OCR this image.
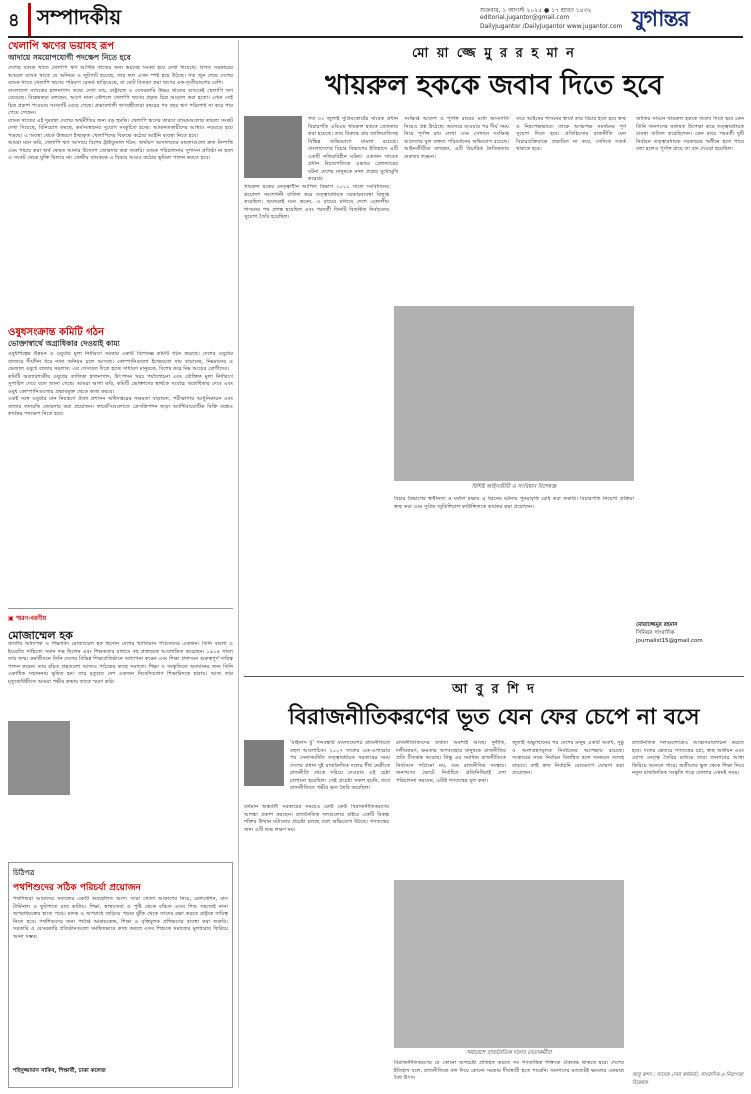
৪ সম্পাদকীয়	শুক্রবার, ১ আগস্ট ২০২৫ ● ১৭ শ্রাবণ ১৪৩২
editorial.jugantor@gmail.com
DailyJugantor /DailyJugantor www.jugantor.com যুগান্তর
খেলাপি ঋণের ভয়াবহ রূপ
আদায়ে সময়োপযোগী পদক্ষেপ নিতে হবে

দেশের ব্যাংক খাতে খেলাপি ঋণ আর্থিক খাতের জন্য ভয়াবহ সংকট হয়ে দেখা দিয়েছে। বিগত সরকারের আমলে ব্যাংক খাতে যে অনিয়ম ও লুটপাট হয়েছে, তার ফল এখন স্পষ্ট হয়ে উঠছে। গত জুন শেষে দেশের ব্যাংক খাতে খেলাপি ঋণের পরিমাণ রেকর্ড ছাড়িয়েছে, যা মোট বিতরণ করা ঋণের এক-তৃতীয়াংশের বেশি।

বাংলাদেশ ব্যাংকের হালনাগাদ তথ্যে দেখা যায়, রাষ্ট্রায়ত্ত ও বেসরকারি উভয় খাতের ব্যাংকেই খেলাপি ঋণ বেড়েছে। বিশ্লেষকরা বলছেন, আগে নানা কৌশলে খেলাপি ঋণের প্রকৃত চিত্র আড়াল করা হতো। এখন সেই চিত্র প্রকাশ পাওয়ায় সংখ্যাটি বেড়ে গেছে। প্রভাবশালী ঋণগ্রহীতারা বছরের পর বছর ঋণ পরিশোধ না করে পার পেয়ে গেছেন।

ব্যাংক খাতের এই দুরবস্থা দেশের অর্থনীতির জন্য বড় হুমকি। খেলাপি ঋণের কারণে ব্যাংকগুলোর তারল্য সংকট দেখা দিয়েছে, বিনিয়োগ কমছে, কর্মসংস্থানের সুযোগ সংকুচিত হচ্ছে। আমানতকারীদের আস্থাও নড়বড়ে হয়ে পড়ছে। এ অবস্থা থেকে উত্তরণে ইচ্ছাকৃত খেলাপিদের বিরুদ্ধে কঠোর আইনি ব্যবস্থা নিতে হবে।

আমরা মনে করি, খেলাপি ঋণ আদায়ে বিশেষ ট্রাইব্যুনাল গঠন, অর্থঋণ আদালতের মামলাগুলো দ্রুত নিষ্পত্তি এবং পাচার করা অর্থ ফেরত আনার উদ্যোগ জোরদার করা জরুরি। ব্যাংক পরিচালনায় সুশাসন প্রতিষ্ঠা না হলে এ সংকট থেকে মুক্তি মিলবে না। কেন্দ্রীয় ব্যাংককে এ বিষয়ে আরও কঠোর ভূমিকা পালন করতে হবে।

ওষুধসংক্রান্ত কমিটি গঠন
ভোক্তাস্বার্থে অগ্রাধিকার দেওয়াই কাম্য

ওষুধশিল্পের উন্নয়ন ও ওষুধের মূল্য নির্ধারণে সরকার একটি বিশেষজ্ঞ কমিটি গঠন করেছে। দেশের ওষুধের বাজারে দীর্ঘদিন ধরে নানা অনিয়ম চলে আসছে। কোম্পানিগুলো ইচ্ছেমতো দাম বাড়াচ্ছে, নিম্নমানের ও ভেজাল ওষুধে বাজার সয়লাব। এর খেসারত দিতে হচ্ছে সাধারণ মানুষকে, বিশেষ করে নিম্ন আয়ের রোগীদের।

কমিটি অত্যাবশ্যকীয় ওষুধের তালিকা হালনাগাদ, উৎপাদন খরচ পর্যালোচনা এবং যৌক্তিক মূল্য নির্ধারণে সুপারিশ দেবে বলে জানা গেছে। আমরা আশা করি, কমিটি ভোক্তাদের স্বার্থকে সর্বোচ্চ অগ্রাধিকার দেবে এবং ওষুধ কোম্পানিগুলোর প্রভাবমুক্ত থেকে কাজ করবে।

একই সঙ্গে ওষুধের মান নিয়ন্ত্রণে ঔষধ প্রশাসন অধিদপ্তরের সক্ষমতা বাড়ানো, পরীক্ষাগার আধুনিকায়ন এবং বাজার তদারকি জোরদার করা প্রয়োজন। ফার্মেসিগুলোতে প্রেসক্রিপশন ছাড়া অ্যান্টিবায়োটিক বিক্রি বন্ধেও কার্যকর পদক্ষেপ নিতে হবে।

▣ স্মরণ-বরণীয়
মোজাম্মেল হক
জাতীয় অধ্যাপক ও শিক্ষাবিদ মোজাম্মেল হক ছিলেন দেশের খ্যাতিমান পণ্ডিতদের একজন। তিনি বাংলা ও ইংরেজি সাহিত্যে সমান দক্ষ ছিলেন এবং শিক্ষকতার মাধ্যমে বহু প্রজন্মকে আলোকিত করেছেন। ১৯০৪ সালে তার জন্ম। কর্মজীবনে তিনি দেশের বিভিন্ন শিক্ষাপ্রতিষ্ঠানে অধ্যাপনা করেন এবং শিক্ষা প্রশাসনে গুরুত্বপূর্ণ দায়িত্ব পালন করেন। তার রচিত গ্রন্থগুলো আজও পাঠকের কাছে সমাদৃত। শিক্ষা ও সংস্কৃতিতে অবদানের জন্য তিনি একাধিক সম্মাননায় ভূষিত হন। তার মৃত্যুতে দেশ একজন নিবেদিতপ্রাণ শিক্ষাবিদকে হারায়। আজ তার মৃত্যুবার্ষিকীতে আমরা গভীর শ্রদ্ধায় তাকে স্মরণ করি।
চিঠিপত্র
পথশিশুদের সঠিক পরিচর্যা প্রয়োজন
পথশিশুরা আমাদের সমাজের একটি অবহেলিত অংশ। তারা খোলা আকাশের নিচে, রেলস্টেশন, বাস টার্মিনাল ও ফুটপাতে রাত কাটায়। শিক্ষা, স্বাস্থ্যসেবা ও পুষ্টি থেকে বঞ্চিত এসব শিশু সহজেই নানা অপরাধচক্রের হাতে পড়ে। মাদক ও অপরাধে জড়িয়ে পড়ার ঝুঁকি থেকে তাদের রক্ষা করতে রাষ্ট্রকে দায়িত্ব নিতে হবে। পথশিশুদের জন্য পর্যাপ্ত আশ্রয়কেন্দ্র, শিক্ষা ও বৃত্তিমূলক প্রশিক্ষণের ব্যবস্থা করা জরুরি। সরকারি ও বেসরকারি প্রতিষ্ঠানগুলো সমন্বিতভাবে কাজ করলে এসব শিশুকে সমাজের মূলধারায় ফিরিয়ে আনা সম্ভব।
শহিদুজ্জামান সাকিব, শিক্ষার্থী, ঢাকা কলেজ
মো য়া জ্জে মু র র হ মা ন
খায়রুল হককে জবাব দিতে হবে
বিশিষ্ট আইনজীবী ও সংবিধান বিশেষজ্ঞ
গত ৩০ জুলাই সুপ্রিমকোর্টের সাবেক প্রধান বিচারপতি এবিএম খায়রুল হককে গ্রেফতার করা হয়েছে। তার বিরুদ্ধে রায় জালিয়াতিসহ বিভিন্ন অভিযোগে মামলা রয়েছে। বাংলাদেশের বিচার বিভাগের ইতিহাসে এটি একটি নজিরবিহীন ঘটনা। একজন সাবেক প্রধান বিচারপতিকে এভাবে গ্রেফতারের ঘটনা দেশের মানুষকে নানা প্রশ্নের মুখোমুখি করেছে।
খায়রুল হকের নেতৃত্বাধীন আপিল বিভাগ ২০১১ সালে সংবিধানের ত্রয়োদশ সংশোধনী বাতিল করে তত্ত্বাবধায়ক সরকারব্যবস্থা বিলুপ্ত করেছিল। অনেকেই মনে করেন, এ রায়ের মাধ্যমে দেশে একদলীয় শাসনের পথ প্রশস্ত হয়েছিল এবং পরবর্তী তিনটি বিতর্কিত নির্বাচনের সুযোগ তৈরি হয়েছিল।
সংক্ষিপ্ত আদেশ ও পূর্ণাঙ্গ রায়ের মধ্যে অসংগতি নিয়েও প্রশ্ন উঠেছে। অবসরে যাওয়ার পর দীর্ঘ সময় নিয়ে পূর্ণাঙ্গ রায় লেখা এবং সেখানে সংক্ষিপ্ত আদেশের মূল বক্তব্য পরিবর্তনের অভিযোগ রয়েছে। আইনজীবীরা বলছেন, এটি বিচারিক নৈতিকতার গুরুতর লঙ্ঘন।
তবে আইনের শাসনের স্বার্থে তার বিচার হতে হবে স্বচ্ছ ও নিরপেক্ষভাবে। তাকে আত্মপক্ষ সমর্থনের পূর্ণ সুযোগ দিতে হবে। প্রতিহিংসার রাজনীতি যেন বিচারপ্রক্রিয়াকে প্রভাবিত না করে, সেদিকে সতর্ক থাকতে হবে।
জাতির সামনে খায়রুল হককে জবাব দিতে হবে কেন তিনি জনগণের মতামত উপেক্ষা করে তত্ত্বাবধায়ক ব্যবস্থা বাতিল করেছিলেন। কেন রায়ে পরবর্তী দুটি নির্বাচন তত্ত্বাবধায়ক সরকারের অধীনে হতে পারে বলা হলেও পূর্ণাঙ্গ রায়ে তা বাদ দেওয়া হয়েছিল।
বিচার বিভাগের স্বাধীনতা ও মর্যাদা রক্ষায় এ ধরনের ঘটনার পুনরাবৃত্তি রোধ করা জরুরি। বিচারপতি নিয়োগ প্রক্রিয়া স্বচ্ছ করা এবং সুপ্রিম জুডিশিয়াল কাউন্সিলকে কার্যকর করা প্রয়োজন।
মোয়াজ্জেমুর রহমান
সিনিয়র সাংবাদিক
journalist15@gmail.com
আ বু র শি দ
বিরাজনীতিকরণের ভূত যেন ফের চেপে না বসে
সমাবেশে রাজনৈতিক দলের নেতাকর্মীরা
‘মাইনাস টু’ শব্দবন্ধটি বাংলাদেশের রাজনীতিতে বহুল আলোচিত। ২০০৭ সালের এক-এগারোর পর সেনাসমর্থিত তত্ত্বাবধায়ক সরকারের সময় দেশের প্রধান দুই রাজনৈতিক দলের শীর্ষ নেত্রীকে রাজনীতি থেকে সরিয়ে দেওয়ার এই চেষ্টা চালানো হয়েছিল। সেই প্রচেষ্টা সফল হয়নি, তবে রাজনীতিতে গভীর ক্ষত তৈরি করেছিল।
বর্তমান অন্তর্বর্তী সরকারের সময়েও কেউ কেউ বিরাজনীতিকরণের আশঙ্কা প্রকাশ করছেন। রাজনৈতিক দলগুলোর বাইরে একটি বিকল্প শক্তির উত্থান ঘটানোর প্রচেষ্টা চলছে বলে অভিযোগ উঠছে। গণতন্ত্রের জন্য এটি শুভ লক্ষণ নয়।
রাজনীতিবিদদের ব্যর্থতা অবশ্যই আছে। দুর্নীতি, দলীয়করণ, ক্ষমতার অপব্যবহার মানুষকে রাজনীতির প্রতি বীতশ্রদ্ধ করেছে। কিন্তু এর সমাধান রাজনীতিকে নির্বাসনে পাঠানো নয়, বরং রাজনীতির সংস্কার। জনগণের ভোটে নির্বাচিত প্রতিনিধিরাই দেশ পরিচালনা করবেন, এটাই গণতন্ত্রের মূল কথা।
জুলাই অভ্যুত্থানের পর দেশের মানুষ একটি অবাধ, সুষ্ঠু ও অংশগ্রহণমূলক নির্বাচনের অপেক্ষায় রয়েছে। সংস্কারের নামে নির্বাচন বিলম্বিত হলে জনমনে সন্দেহ বাড়বে। তাই দ্রুত নির্বাচনি রোডম্যাপ ঘোষণা করা প্রয়োজন।
রাজনৈতিক দলগুলোকেও আত্মসমালোচনা করতে হবে। দলের ভেতরে গণতন্ত্রের চর্চা, স্বচ্ছ অর্থায়ন এবং যোগ্য নেতৃত্ব তৈরির মাধ্যমে তারা জনগণের আস্থা ফিরিয়ে আনতে পারে। অতীতের ভুল থেকে শিক্ষা নিয়ে নতুন রাজনৈতিক সংস্কৃতি গড়ে তোলার এখনই সময়।
বিরাজনীতিকরণের যে কোনো অপচেষ্টা প্রতিহত করতে সব গণতান্ত্রিক শক্তিকে ঐক্যবদ্ধ থাকতে হবে। দেশের ইতিহাস বলে, রাজনীতিকে বাদ দিয়ে কোনো সরকার দীর্ঘস্থায়ী হতে পারেনি। জনগণের ম্যান্ডেটই ক্ষমতার একমাত্র বৈধ উৎস।	আবু রুশদ : সাবেক সেনা কর্মকর্তা, সাংবাদিক ও নিরাপত্তা বিশ্লেষক
